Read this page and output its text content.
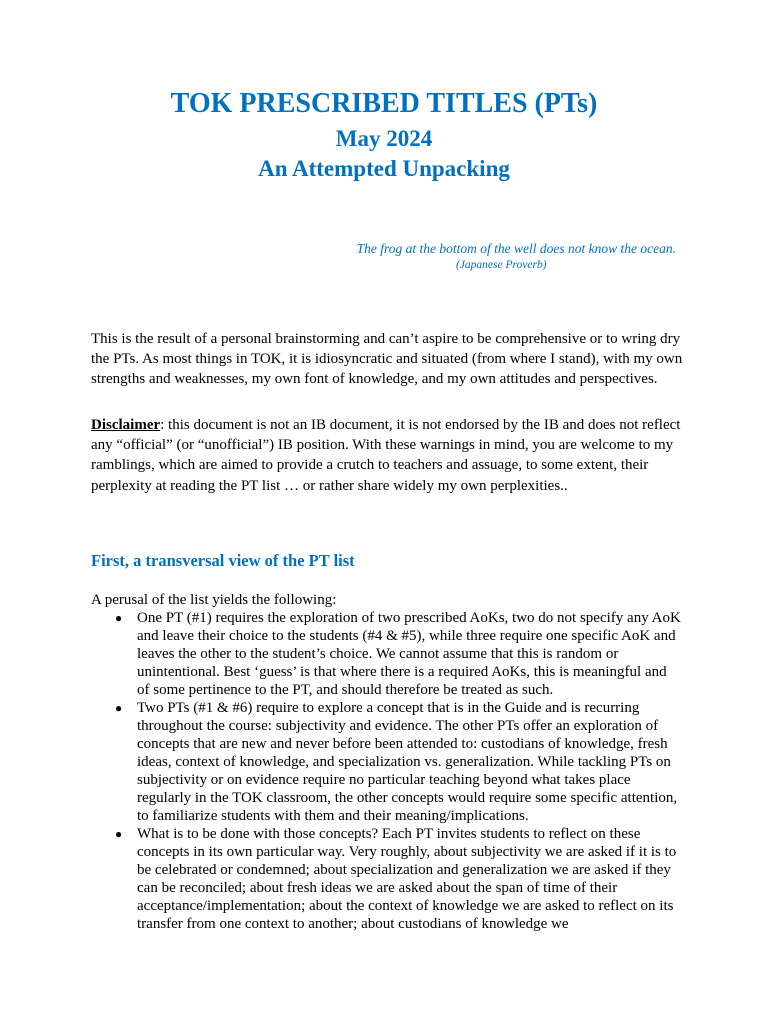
TOK PRESCRIBED TITLES (PTs)
May 2024
An Attempted Unpacking
The frog at the bottom of the well does not know the ocean.
(Japanese Proverb)

This is the result of a personal brainstorming and can’t aspire to be comprehensive or to wring dry the PTs. As most things in TOK, it is idiosyncratic and situated (from where I stand), with my own strengths and weaknesses, my own font of knowledge, and my own attitudes and perspectives.

Disclaimer: this document is not an IB document, it is not endorsed by the IB and does not reflect any “official” (or “unofficial”) IB position. With these warnings in mind, you are welcome to my ramblings, which are aimed to provide a crutch to teachers and assuage, to some extent, their perplexity at reading the PT list … or rather share widely my own perplexities..

First, a transversal view of the PT list

A perusal of the list yields the following:

● One PT (#1) requires the exploration of two prescribed AoKs, two do not specify any AoK and leave their choice to the students (#4 & #5), while three require one specific AoK and leaves the other to the student’s choice. We cannot assume that this is random or unintentional. Best ‘guess’ is that where there is a required AoKs, this is meaningful and of some pertinence to the PT, and should therefore be treated as such.
● Two PTs (#1 & #6) require to explore a concept that is in the Guide and is recurring throughout the course: subjectivity and evidence. The other PTs offer an exploration of concepts that are new and never before been attended to: custodians of knowledge, fresh ideas, context of knowledge, and specialization vs. generalization. While tackling PTs on subjectivity or on evidence require no particular teaching beyond what takes place regularly in the TOK classroom, the other concepts would require some specific attention, to familiarize students with them and their meaning/implications.
● What is to be done with those concepts? Each PT invites students to reflect on these concepts in its own particular way. Very roughly, about subjectivity we are asked if it is to be celebrated or condemned; about specialization and generalization we are asked if they can be reconciled; about fresh ideas we are asked about the span of time of their acceptance/implementation; about the context of knowledge we are asked to reflect on its transfer from one context to another; about custodians of knowledge we
